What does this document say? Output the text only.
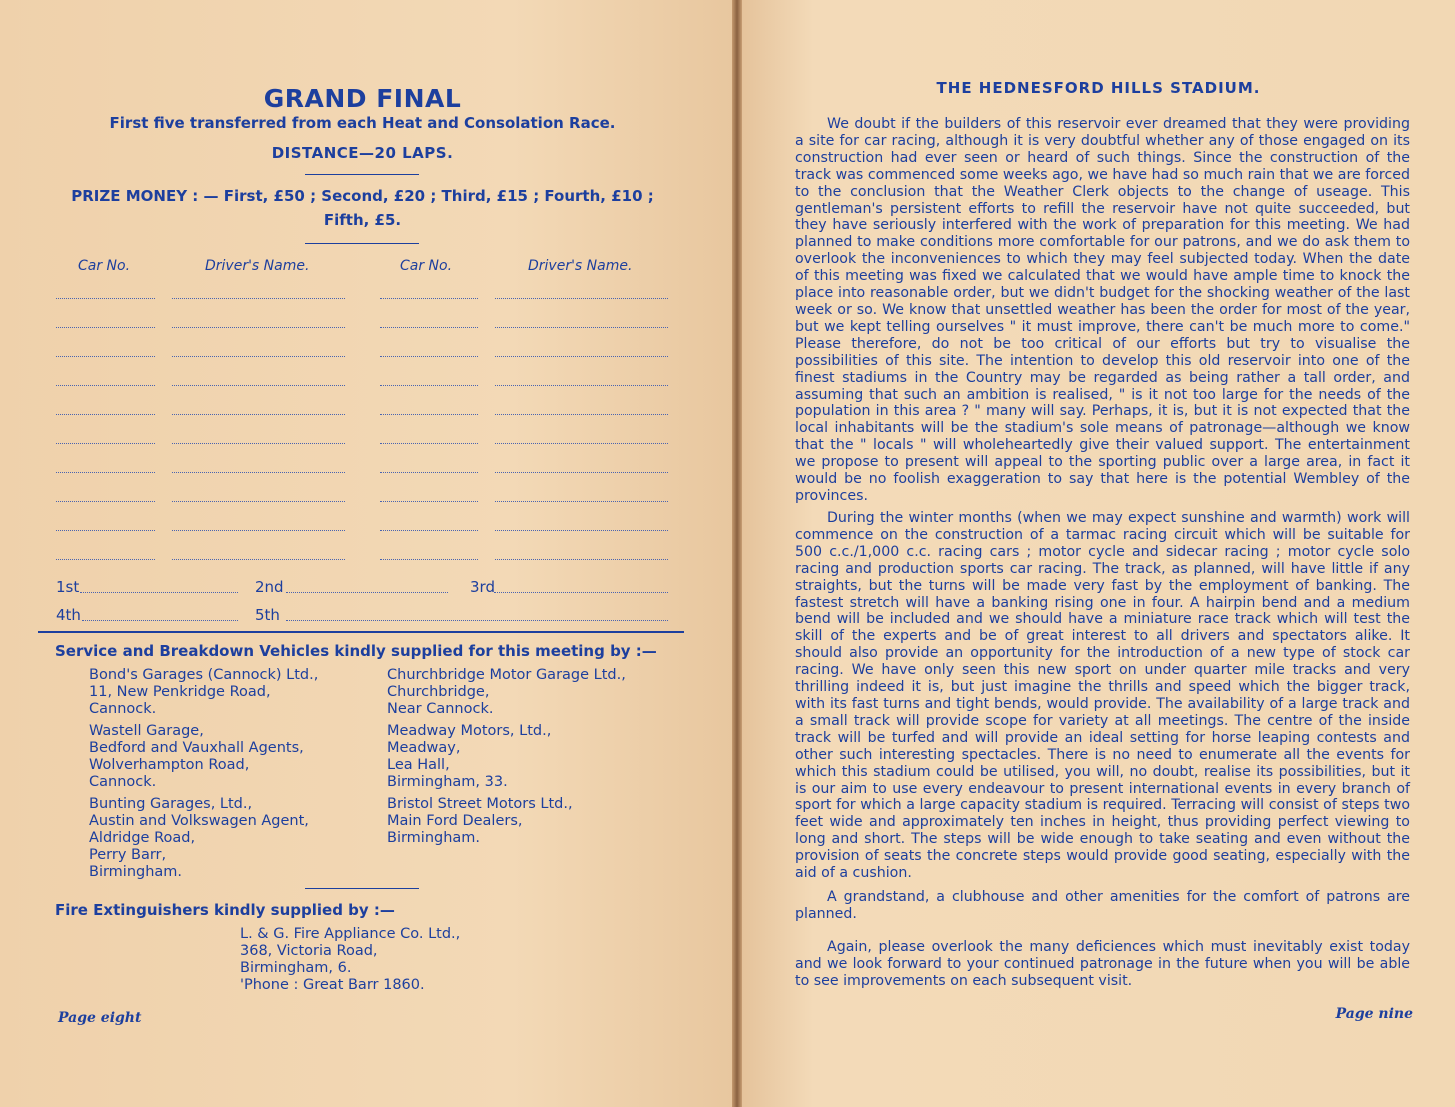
GRAND FINAL
First five transferred from each Heat and Consolation Race.
DISTANCE—20 LAPS.
PRIZE MONEY : — First, £50 ; Second, £20 ; Third, £15 ; Fourth, £10 ;
Fifth, £5.
Car No.	Driver's Name.	Car No.	Driver's Name.
1st	2nd	3rd
4th	5th
Service and Breakdown Vehicles kindly supplied for this meeting by :—
Bond's Garages (Cannock) Ltd.,
11, New Penkridge Road,
Cannock.
Churchbridge Motor Garage Ltd.,
Churchbridge,
Near Cannock.
Wastell Garage,
Bedford and Vauxhall Agents,
Wolverhampton Road,
Cannock.
Meadway Motors, Ltd.,
Meadway,
Lea Hall,
Birmingham, 33.
Bunting Garages, Ltd.,
Austin and Volkswagen Agent,
Aldridge Road,
Perry Barr,
Birmingham.
Bristol Street Motors Ltd.,
Main Ford Dealers,
Birmingham.
Fire Extinguishers kindly supplied by :—
L. & G. Fire Appliance Co. Ltd.,
368, Victoria Road,
Birmingham, 6.
'Phone : Great Barr 1860.
Page eight
THE HEDNESFORD HILLS STADIUM.
We doubt if the builders of this reservoir ever dreamed that they were providing a site for car racing, although it is very doubtful whether any of those engaged on its construction had ever seen or heard of such things. Since the construction of the track was commenced some weeks ago, we have had so much rain that we are forced to the conclusion that the Weather Clerk objects to the change of useage. This gentleman's persistent efforts to refill the reservoir have not quite succeeded, but they have seriously interfered with the work of preparation for this meeting. We had planned to make conditions more comfortable for our patrons, and we do ask them to overlook the inconveniences to which they may feel subjected today. When the date of this meeting was fixed we calculated that we would have ample time to knock the place into reasonable order, but we didn't budget for the shocking weather of the last week or so. We know that unsettled weather has been the order for most of the year, but we kept telling ourselves " it must improve, there can't be much more to come." Please therefore, do not be too critical of our efforts but try to visualise the possibilities of this site. The intention to develop this old reservoir into one of the finest stadiums in the Country may be regarded as being rather a tall order, and assuming that such an ambition is realised, " is it not too large for the needs of the population in this area ? " many will say. Perhaps, it is, but it is not expected that the local inhabitants will be the stadium's sole means of patronage—although we know that the " locals " will wholeheartedly give their valued support. The entertainment we propose to present will appeal to the sporting public over a large area, in fact it would be no foolish exaggeration to say that here is the potential Wembley of the provinces.
During the winter months (when we may expect sunshine and warmth) work will commence on the construction of a tarmac racing circuit which will be suitable for 500 c.c./1,000 c.c. racing cars ; motor cycle and sidecar racing ; motor cycle solo racing and production sports car racing. The track, as planned, will have little if any straights, but the turns will be made very fast by the employment of banking. The fastest stretch will have a banking rising one in four. A hairpin bend and a medium bend will be included and we should have a miniature race track which will test the skill of the experts and be of great interest to all drivers and spectators alike. It should also provide an opportunity for the introduction of a new type of stock car racing. We have only seen this new sport on under quarter mile tracks and very thrilling indeed it is, but just imagine the thrills and speed which the bigger track, with its fast turns and tight bends, would provide. The availability of a large track and a small track will provide scope for variety at all meetings. The centre of the inside track will be turfed and will provide an ideal setting for horse leaping contests and other such interesting spectacles. There is no need to enumerate all the events for which this stadium could be utilised, you will, no doubt, realise its possibilities, but it is our aim to use every endeavour to present international events in every branch of sport for which a large capacity stadium is required. Terracing will consist of steps two feet wide and approximately ten inches in height, thus providing perfect viewing to long and short. The steps will be wide enough to take seating and even without the provision of seats the concrete steps would provide good seating, especially with the aid of a cushion.
A grandstand, a clubhouse and other amenities for the comfort of patrons are planned.
Again, please overlook the many deficiences which must inevitably exist today and we look forward to your continued patronage in the future when you will be able to see improvements on each subsequent visit.
Page nine
